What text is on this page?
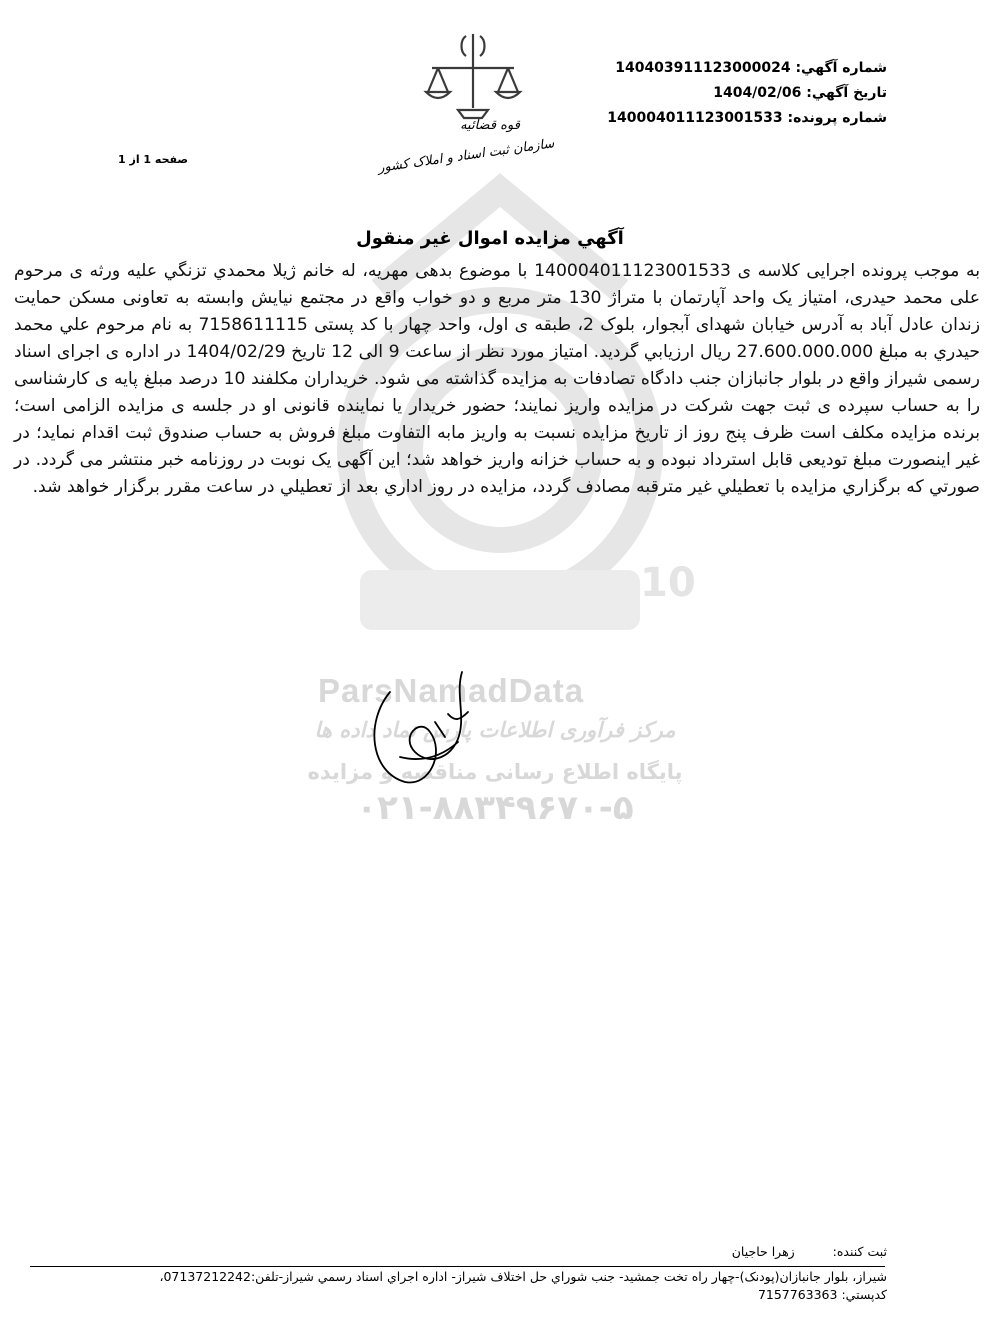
10
ParsNamadData
مرکز فرآوری اطلاعات پارس نماد داده ها
پایگاه اطلاع رسانی مناقصه و مزایده
۰۲۱-۸۸۳۴۹۶۷۰-۵
قوه قضائیه
سازمان ثبت اسناد و املاک کشور
شماره آگهي: 140403911123000024
تاريخ آگهي: 1404/02/06
شماره پرونده: 140004011123001533
صفحه 1 از 1
آگهي مزايده اموال غير منقول
به موجب پرونده اجرایی کلاسه ی 140004011123001533 با موضوع بدهی مهریه، له خانم ژيلا محمدي تزنگي علیه ورثه ی مرحوم علی محمد حیدری، امتیاز یک واحد آپارتمان با متراژ 130 متر مربع و دو خواب واقع در مجتمع نیایش وابسته به تعاونی مسکن حمایت زندان عادل آباد به آدرس خیابان شهدای آبجوار، بلوک 2، طبقه ی اول، واحد چهار با کد پستی 7158611115 به نام مرحوم علي محمد حيدري به مبلغ 27.600.000.000 ريال ارزيابي گرديد. امتیاز مورد نظر از ساعت 9 الی 12 تاریخ 1404/02/29 در اداره ی اجرای اسناد رسمی شیراز واقع در بلوار جانبازان جنب دادگاه تصادفات به مزایده گذاشته می شود. خریداران مکلفند 10 درصد مبلغ پایه ی کارشناسی را به حساب سپرده ی ثبت جهت شرکت در مزایده واریز نمایند؛ حضور خریدار یا نماینده قانونی او در جلسه ی مزایده الزامی است؛ برنده مزایده مکلف است ظرف پنج روز از تاریخ مزایده نسبت به واریز مابه التفاوت مبلغ فروش به حساب صندوق ثبت اقدام نماید؛ در غیر اینصورت مبلغ تودیعی قابل استرداد نبوده و به حساب خزانه واریز خواهد شد؛ این آگهی یک نوبت در روزنامه خبر منتشر می گردد. در صورتي كه برگزاري مزايده با تعطيلي غير مترقبه مصادف گردد، مزايده در روز اداري بعد از تعطيلي در ساعت مقرر برگزار خواهد شد.
ثبت كننده:  زهرا حاجيان
شيراز، بلوار جانبازان(پودنک)-چهار راه تخت جمشيد- جنب شوراي حل اختلاف شيراز- اداره اجراي اسناد رسمي شيراز-تلفن:07137212242،
كدپستي: 7157763363
